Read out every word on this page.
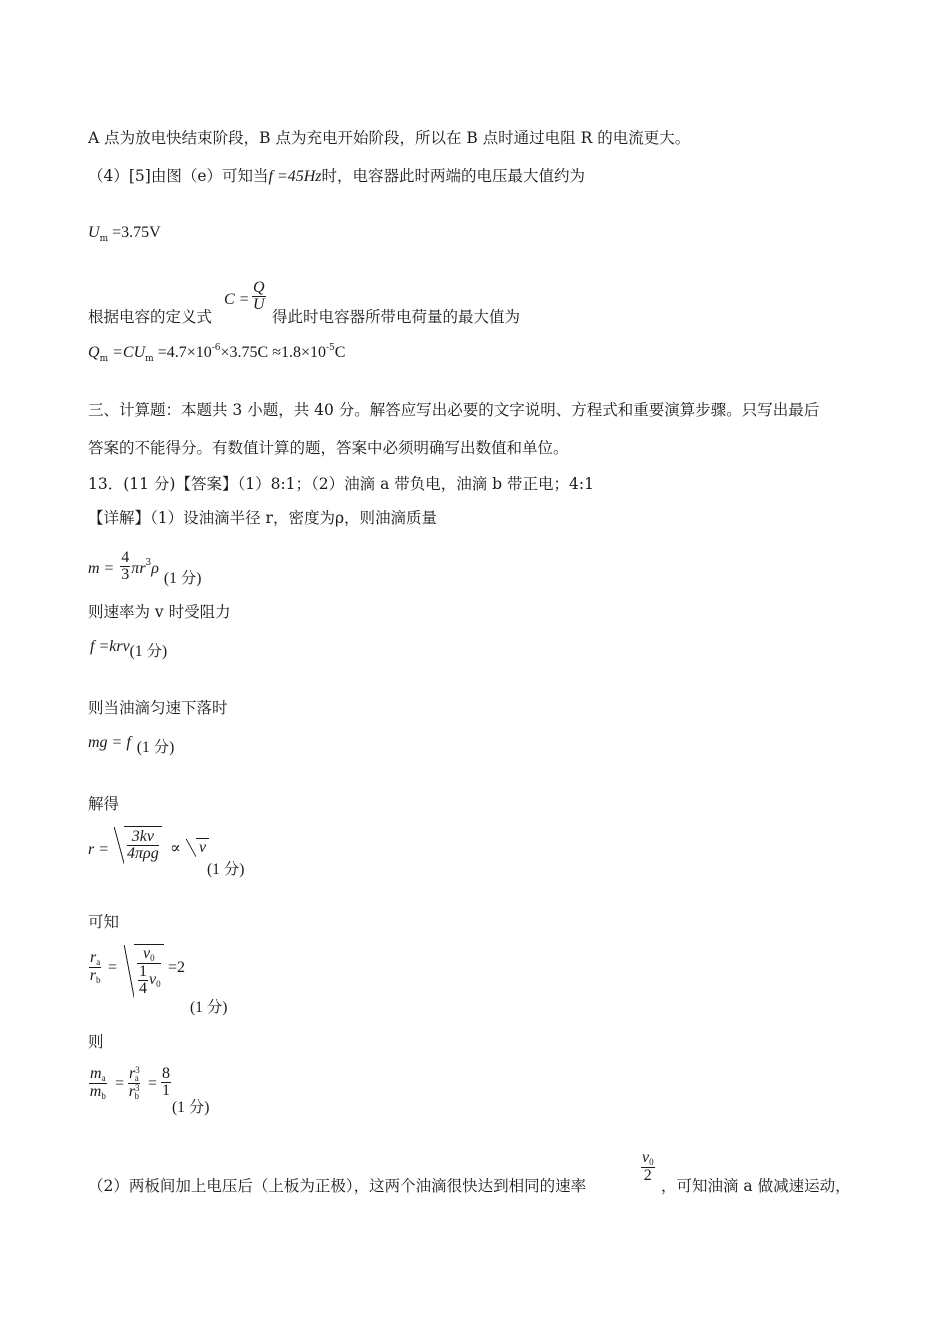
A 点为放电快结束阶段，B 点为充电开始阶段，所以在 B 点时通过电阻 R 的电流更大。
（4）[5]由图（e）可知当f =45Hz时，电容器此时两端的电压最大值约为
$U_m =3.75V$
根据电容的定义式
$C = \frac{Q}{U}$
得此时电容器所带电荷量的最大值为
$Q_m =CU_m =4.7\times 10^{-6}\times 3.75C \approx 1.8\times 10^{-5}C$
三、计算题：本题共 3 小题，共 40 分。解答应写出必要的文字说明、方程式和重要演算步骤。只写出最后
答案的不能得分。有数值计算的题，答案中必须明确写出数值和单位。
13．(11 分)【答案】（1）8:1；（2）油滴 a 带负电，油滴 b 带正电；4:1
【详解】（1）设油滴半径 r，密度为ρ，则油滴质量
$m = \frac{4}{3} \pi r3\rho$ (1 分)
则速率为 v 时受阻力
f =krv(1 分)
则当油滴匀速下落时
mg = f (1 分)
解得
$r = \frac{3kv}{\text{4πρg}} \propto v$
(1 分)
可知
$\frac{ra}{rb} = \frac{v0}{\frac{1}{4} v0} =2$
(1 分)
则
$\frac{ma}{mb} = \frac{r^3a}{r^3b} = \frac{8}{1}$
(1 分)
（2）两板间加上电压后（上板为正极），这两个油滴很快达到相同的速率
$\frac{v0}{2}$
，可知油滴 a 做减速运动，
